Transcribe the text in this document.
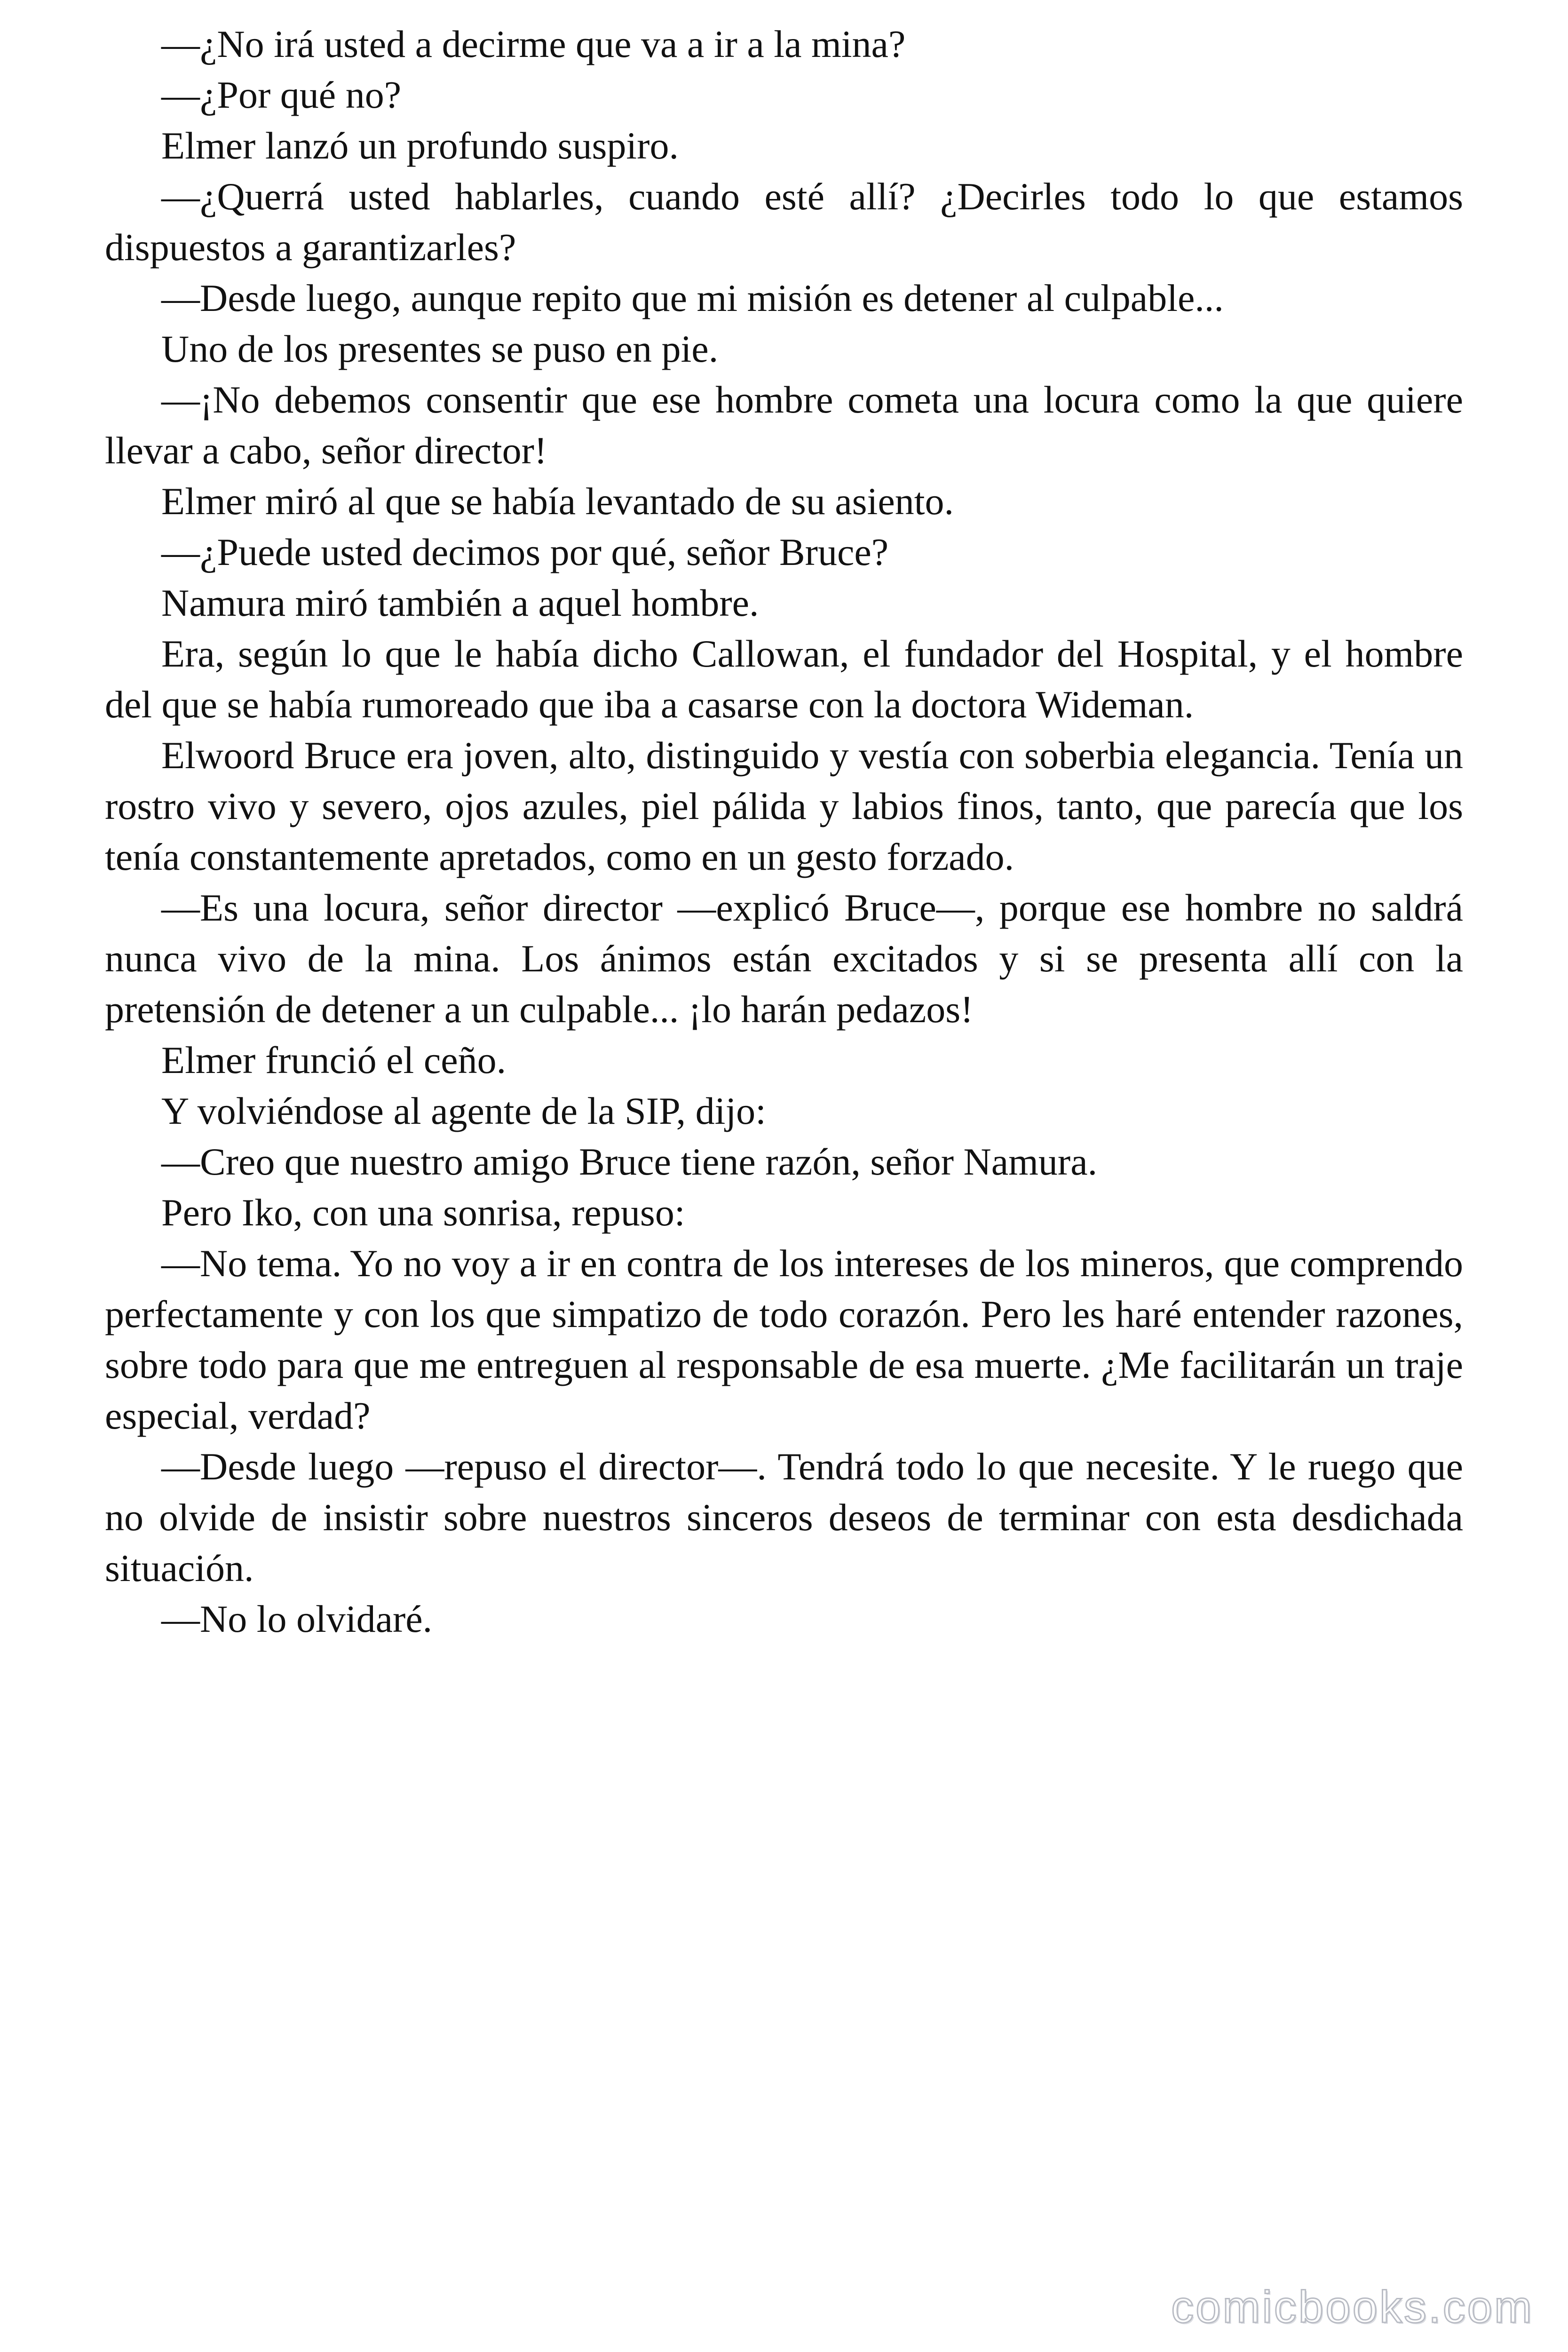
—¿No irá usted a decirme que va a ir a la mina?

—¿Por qué no?

Elmer lanzó un profundo suspiro.

—¿Querrá usted hablarles, cuando esté allí? ¿Decirles todo lo que estamos dispuestos a garantizarles?

—Desde luego, aunque repito que mi misión es detener al culpable...

Uno de los presentes se puso en pie.

—¡No debemos consentir que ese hombre cometa una locura como la que quiere llevar a cabo, señor director!

Elmer miró al que se había levantado de su asiento.

—¿Puede usted decimos por qué, señor Bruce?

Namura miró también a aquel hombre.

Era, según lo que le había dicho Callowan, el fundador del Hospital, y el hombre del que se había rumoreado que iba a casarse con la doctora Wideman.

Elwoord Bruce era joven, alto, distinguido y vestía con soberbia elegancia. Tenía un rostro vivo y severo, ojos azules, piel pálida y labios finos, tanto, que parecía que los tenía constantemente apretados, como en un gesto forzado.

—Es una locura, señor director —explicó Bruce—, porque ese hombre no saldrá nunca vivo de la mina. Los ánimos están excitados y si se presenta allí con la pretensión de detener a un culpable... ¡lo harán pedazos!

Elmer frunció el ceño.

Y volviéndose al agente de la SIP, dijo:

—Creo que nuestro amigo Bruce tiene razón, señor Namura.

Pero Iko, con una sonrisa, repuso:

—No tema. Yo no voy a ir en contra de los intereses de los mineros, que comprendo perfectamente y con los que simpatizo de todo corazón. Pero les haré entender razones, sobre todo para que me entreguen al responsable de esa muerte. ¿Me facilitarán un traje especial, verdad?

—Desde luego —repuso el director—. Tendrá todo lo que necesite. Y le ruego que no olvide de insistir sobre nuestros sinceros deseos de terminar con esta desdichada situación.

—No lo olvidaré.

comicbooks.com
